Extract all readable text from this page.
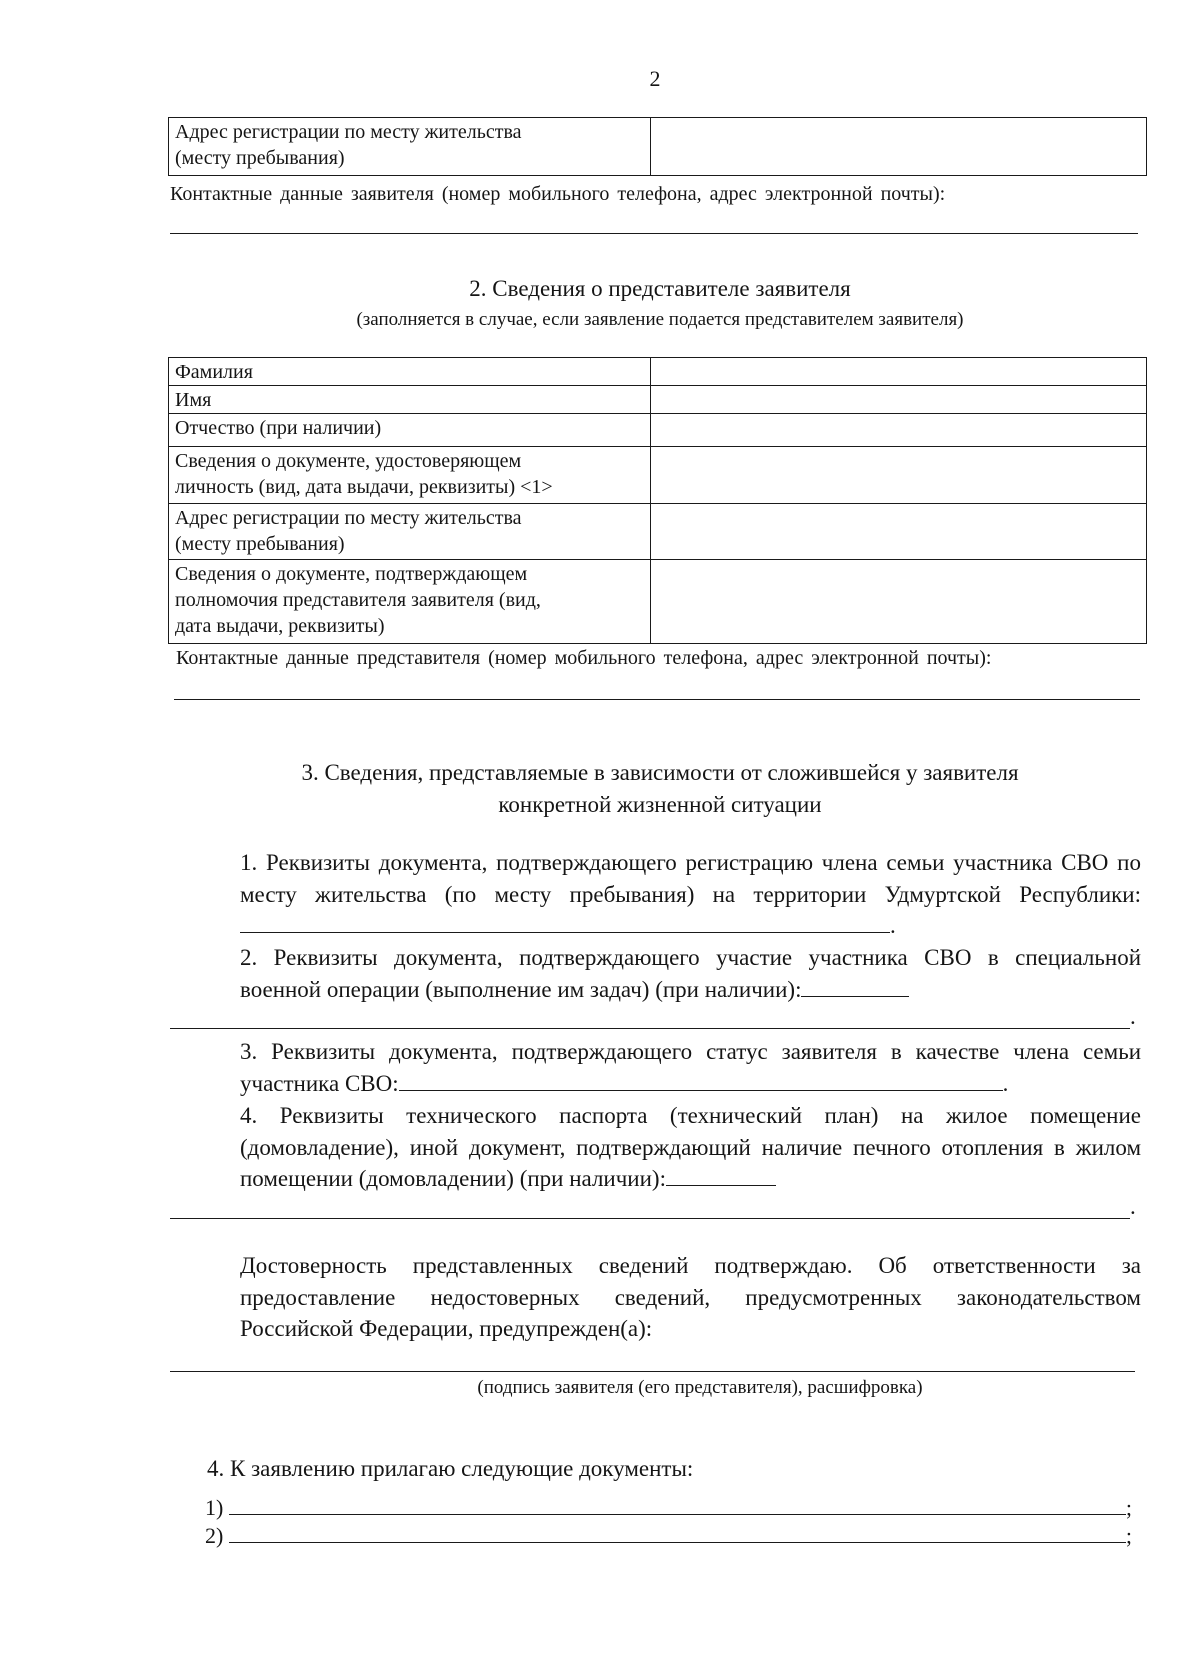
2
Адрес регистрации по месту жительства
(месту пребывания)

Контактные данные заявителя (номер мобильного телефона, адрес электронной почты):
2. Сведения о представителе заявителя
(заполняется в случае, если заявление подается представителем заявителя)
Фамилия	

Имя	

Отчество (при наличии)	

Сведения о документе, удостоверяющем
личность (вид, дата выдачи, реквизиты) <1>	

Адрес регистрации по месту жительства
(месту пребывания)	

Сведения о документе, подтверждающем
полномочия представителя заявителя (вид,
дата выдачи, реквизиты)	

Контактные данные представителя (номер мобильного телефона, адрес электронной почты):
3. Сведения, представляемые в зависимости от сложившейся у заявителя
конкретной жизненной ситуации
1. Реквизиты документа, подтверждающего регистрацию члена семьи участника СВО по месту жительства (по месту пребывания) на территории Удмуртской Республики:.
2. Реквизиты документа, подтверждающего участие участника СВО в специальной военной операции (выполнение им задач) (при наличии):
.
3. Реквизиты документа, подтверждающего статус заявителя в качестве члена семьи участника СВО:	.
4. Реквизиты технического паспорта (технический план) на жилое помещение (домовладение), иной документ, подтверждающий наличие печного отопления в жилом помещении (домовладении) (при наличии):
.
Достоверность представленных сведений подтверждаю. Об ответственности за предоставление недостоверных сведений, предусмотренных законодательством Российской Федерации, предупрежден(а):
(подпись заявителя (его представителя), расшифровка)
4. К заявлению прилагаю следующие документы:
1)	;
2)	;
